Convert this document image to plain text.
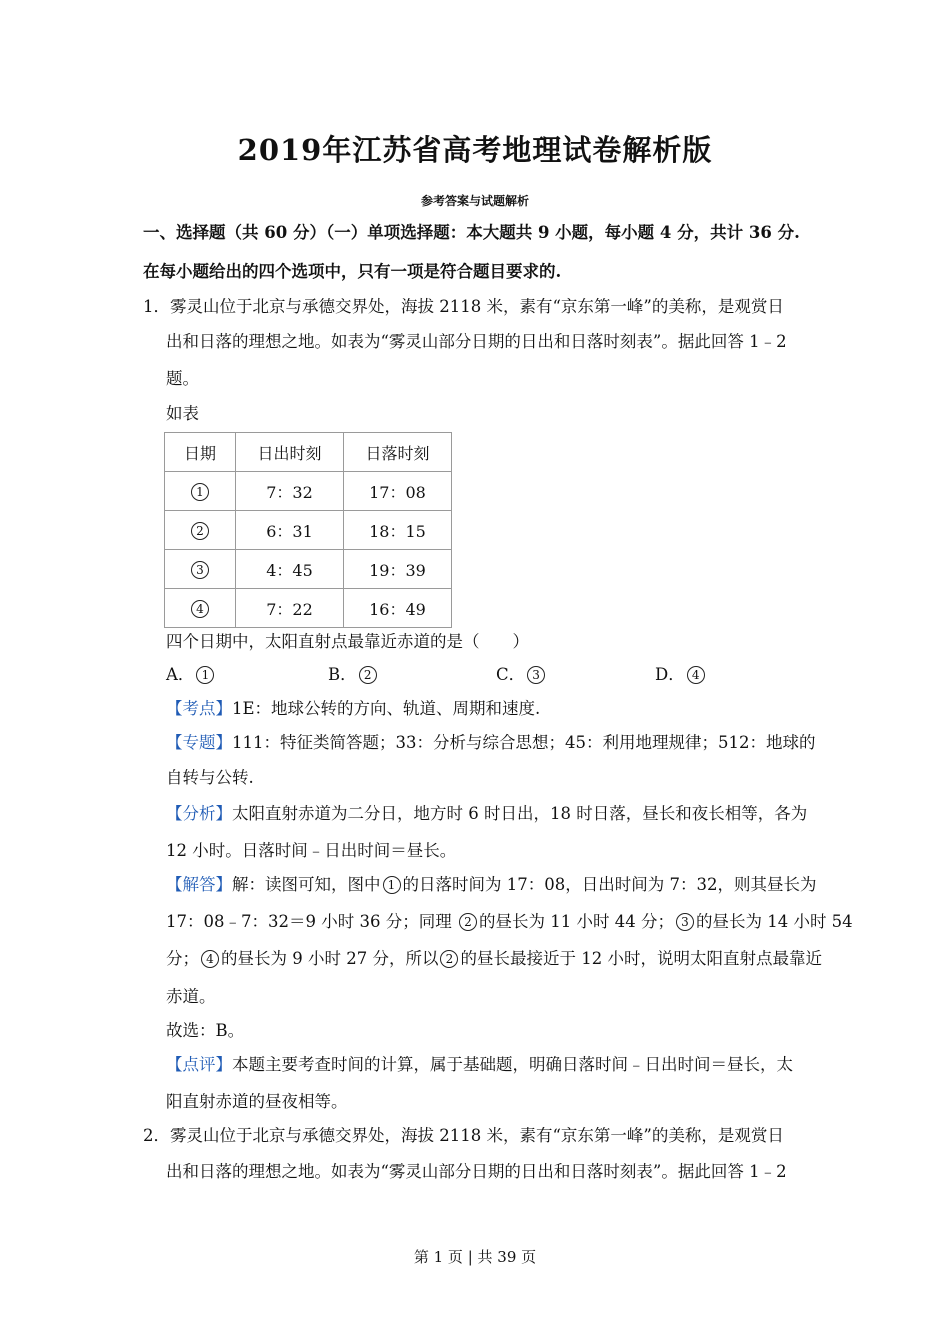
2019年江苏省高考地理试卷解析版
参考答案与试题解析
一、选择题（共 60 分）（一）单项选择题：本大题共 9 小题，每小题 4 分，共计 36 分.
在每小题给出的四个选项中，只有一项是符合题目要求的.
1．雾灵山位于北京与承德交界处，海拔 2118 米，素有“京东第一峰”的美称，是观赏日
出和日落的理想之地。如表为“雾灵山部分日期的日出和日落时刻表”。据此回答 1﹣2
题。
如表
日期	日出时刻	日落时刻
1	7：32	17：08
2	6：31	18：15
3	4：45	19：39
4	7：22	16：49
四个日期中，太阳直射点最靠近赤道的是（　　）
A． 1	B． 2	C． 3	D． 4
【考点】1E：地球公转的方向、轨道、周期和速度.
【专题】111：特征类简答题；33：分析与综合思想；45：利用地理规律；512：地球的
自转与公转.
【分析】太阳直射赤道为二分日，地方时 6 时日出，18 时日落，昼长和夜长相等，各为
12 小时。日落时间﹣日出时间＝昼长。
【解答】解：读图可知，图中 1 的日落时间为 17：08，日出时间为 7：32，则其昼长为
17：08﹣7：32＝9 小时 36 分；同理 2 的昼长为 11 小时 44 分； 3 的昼长为 14 小时 54
分； 4 的昼长为 9 小时 27 分，所以 2 的昼长最接近于 12 小时，说明太阳直射点最靠近
赤道。
故选：B。
【点评】本题主要考查时间的计算，属于基础题，明确日落时间﹣日出时间＝昼长，太
阳直射赤道的昼夜相等。
2．雾灵山位于北京与承德交界处，海拔 2118 米，素有“京东第一峰”的美称，是观赏日
出和日落的理想之地。如表为“雾灵山部分日期的日出和日落时刻表”。据此回答 1﹣2
第 1 页 | 共 39 页
